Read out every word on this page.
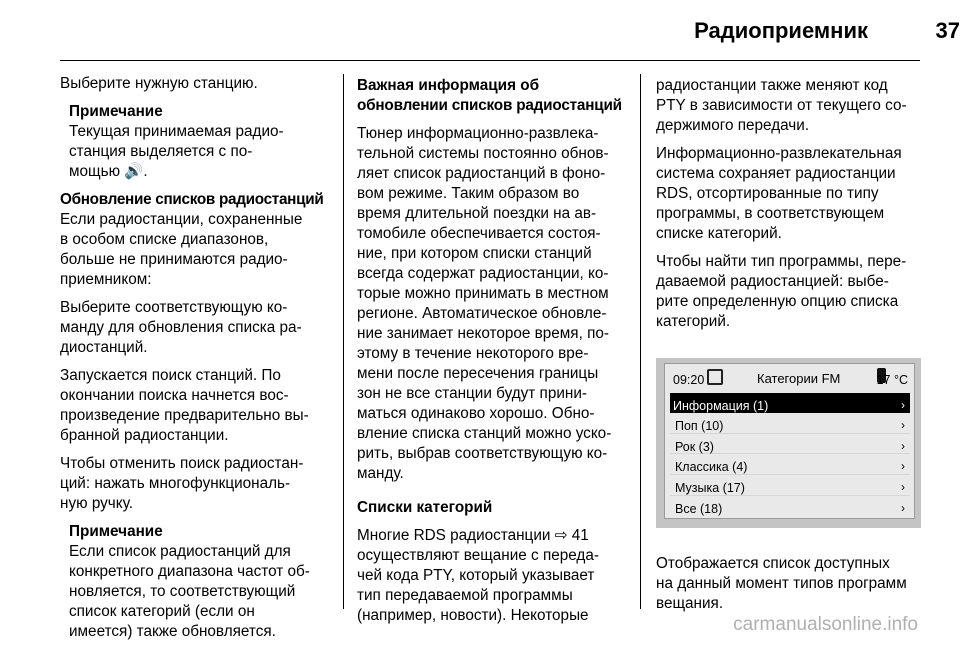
Радиоприемник	37

Выберите нужную станцию.

Примечание
Текущая принимаемая радио-
станция выделяется с по-
мощью 🔊.
Обновление списков радиостанций

Если радиостанции, сохраненные
в особом списке диапазонов,
больше не принимаются радио-
приемником:

Выберите соответствующую ко-
манду для обновления списка ра-
диостанций.

Запускается поиск станций. По
окончании поиска начнется вос-
произведение предварительно вы-
бранной радиостанции.

Чтобы отменить поиск радиостан-
ций: нажать многофункциональ-
ную ручку.

Примечание
Если список радиостанций для
конкретного диапазона частот об-
новляется, то соответствующий
список категорий (если он
имеется) также обновляется.
Важная информация об
обновлении списков радиостанций

Тюнер информационно-развлека-
тельной системы постоянно обнов-
ляет список радиостанций в фоно-
вом режиме. Таким образом во
время длительной поездки на ав-
томобиле обеспечивается состоя-
ние, при котором списки станций
всегда содержат радиостанции, ко-
торые можно принимать в местном
регионе. Автоматическое обновле-
ние занимает некоторое время, по-
этому в течение некоторого вре-
мени после пересечения границы
зон не все станции будут прини-
маться одинаково хорошо. Обно-
вление списка станций можно уско-
рить, выбрав соответствующую ко-
манду.

Списки категорий

Многие RDS радиостанции ⇨ 41
осуществляют вещание с переда-
чей кода PTY, который указывает
тип передаваемой программы
(например, новости). Некоторые

радиостанции также меняют код
PTY в зависимости от текущего со-
держимого передачи.

Информационно-развлекательная
система сохраняет радиостанции
RDS, отсортированные по типу
программы, в соответствующем
списке категорий.

Чтобы найти тип программы, пере-
даваемой радиостанцией: выбе-
рите определенную опцию списка
категорий.

09:20	Категории FM	17 °C
Информация (1)	›
Поп (10)	›
Рок (3)	›
Классика (4)	›
Музыка (17)	›
Все (18)	›

Отображается список доступных
на данный момент типов программ
вещания.

carmanualsonline.info
